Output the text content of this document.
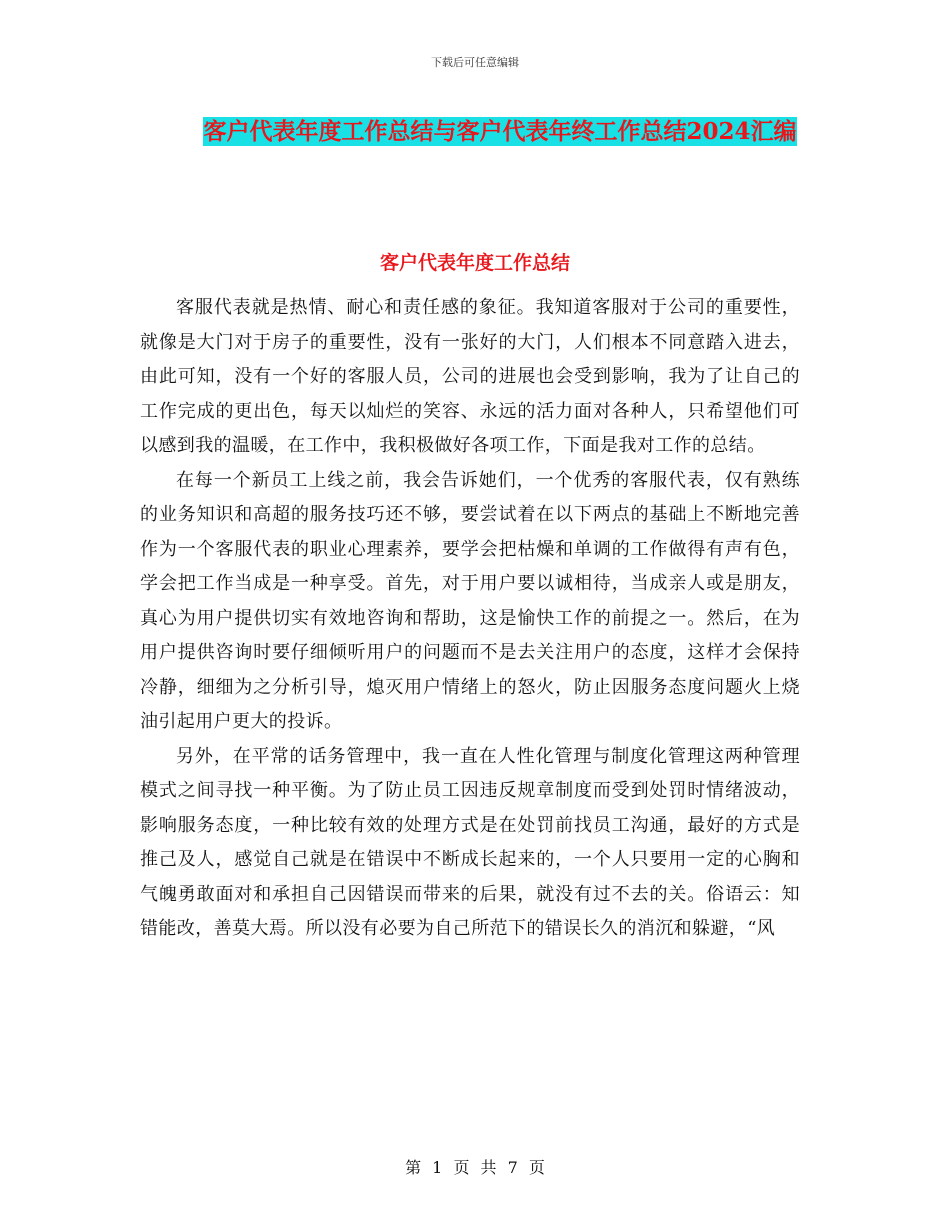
下载后可任意编辑
客户代表年度工作总结与客户代表年终工作总结2024汇编
客户代表年度工作总结

客服代表就是热情、耐心和责任感的象征。我知道客服对于公司的重要性，就像是大门对于房子的重要性，没有一张好的大门，人们根本不同意踏入进去，由此可知，没有一个好的客服人员，公司的进展也会受到影响，我为了让自己的工作完成的更出色，每天以灿烂的笑容、永远的活力面对各种人，只希望他们可以感到我的温暖，在工作中，我积极做好各项工作，下面是我对工作的总结。

在每一个新员工上线之前，我会告诉她们，一个优秀的客服代表，仅有熟练的业务知识和高超的服务技巧还不够，要尝试着在以下两点的基础上不断地完善作为一个客服代表的职业心理素养，要学会把枯燥和单调的工作做得有声有色，学会把工作当成是一种享受。首先，对于用户要以诚相待，当成亲人或是朋友，真心为用户提供切实有效地咨询和帮助，这是愉快工作的前提之一。然后，在为用户提供咨询时要仔细倾听用户的问题而不是去关注用户的态度，这样才会保持冷静，细细为之分析引导，熄灭用户情绪上的怒火，防止因服务态度问题火上烧油引起用户更大的投诉。

另外，在平常的话务管理中，我一直在人性化管理与制度化管理这两种管理模式之间寻找一种平衡。为了防止员工因违反规章制度而受到处罚时情绪波动，影响服务态度，一种比较有效的处理方式是在处罚前找员工沟通，最好的方式是推己及人，感觉自己就是在错误中不断成长起来的，一个人只要用一定的心胸和气魄勇敢面对和承担自己因错误而带来的后果，就没有过不去的关。俗语云：知错能改，善莫大焉。所以没有必要为自己所范下的错误长久的消沉和躲避，“风

第 1 页 共 7 页
